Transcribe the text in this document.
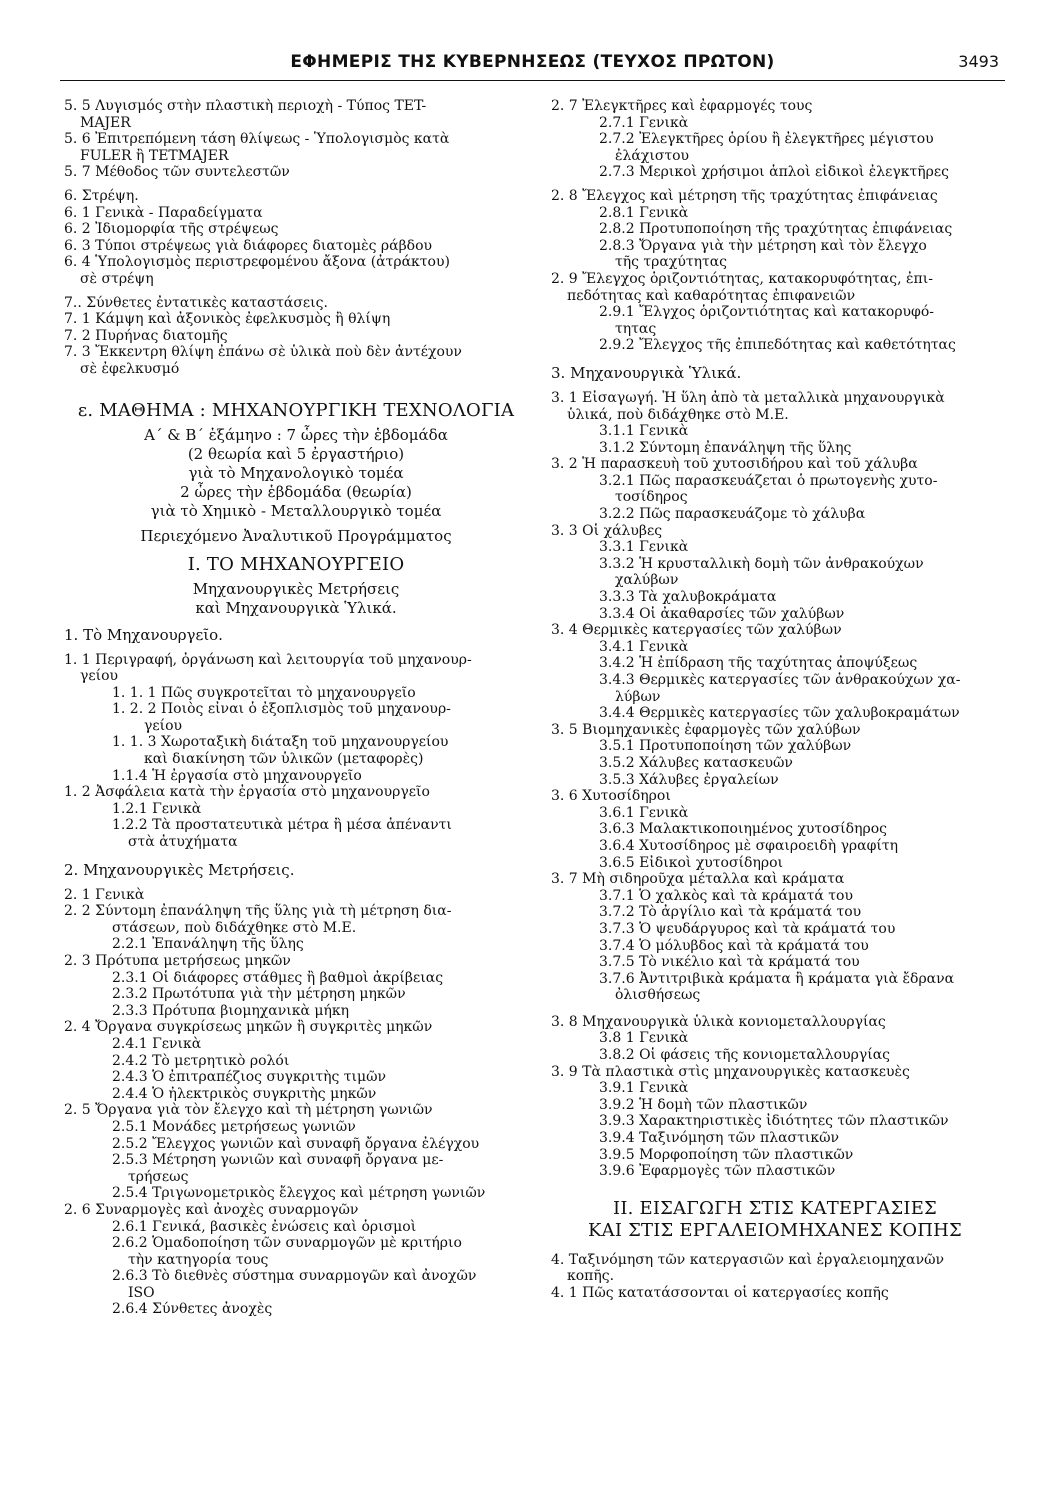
ΕΦΗΜΕΡΙΣ ΤΗΣ ΚΥΒΕΡΝΗΣΕΩΣ (ΤΕΥΧΟΣ ΠΡΩΤΟΝ)	3493
5. 5 Λυγισμός στὴν πλαστικὴ περιοχὴ - Τύπος TET-
MAJER
5. 6 Ἐπιτρεπόμενη τάση θλίψεως - Ὑπολογισμὸς κατὰ
FULER ἢ TETMAJER
5. 7 Μέθοδος τῶν συντελεστῶν
6. Στρέψη.
6. 1 Γενικὰ - Παραδείγματα
6. 2 Ἰδιομορφία τῆς στρέψεως
6. 3 Τύποι στρέψεως γιὰ διάφορες διατομὲς ράβδου
6. 4 Ὑπολογισμὸς περιστρεφομένου ἄξονα (ἀτράκτου)
σὲ στρέψη
7.. Σύνθετες ἐντατικὲς καταστάσεις.
7. 1 Κάμψη καὶ ἀξονικὸς ἐφελκυσμὸς ἢ θλίψη
7. 2 Πυρήνας διατομῆς
7. 3 Ἔκκεντρη θλίψη ἐπάνω σὲ ὑλικὰ ποὺ δὲν ἀντέχουν
σὲ ἐφελκυσμό
ε. ΜΑΘΗΜΑ : ΜΗΧΑΝΟΥΡΓΙΚΗ ΤΕΧΝΟΛΟΓΙΑ
Α΄ & Β΄ ἑξάμηνο : 7 ὧρες τὴν ἑβδομάδα
(2 θεωρία καὶ 5 ἐργαστήριο)
γιὰ τὸ Μηχανολογικὸ τομέα
2 ὧρες τὴν ἑβδομάδα (θεωρία)
γιὰ τὸ Χημικὸ - Μεταλλουργικὸ τομέα
Περιεχόμενο Ἀναλυτικοῦ Προγράμματος
Ι. ΤΟ ΜΗΧΑΝΟΥΡΓΕΙΟ
Μηχανουργικὲς Μετρήσεις
καὶ Μηχανουργικὰ Ὑλικά.
1. Τὸ Μηχανουργεῖο.
1. 1 Περιγραφή, ὀργάνωση καὶ λειτουργία τοῦ μηχανουρ-
γείου
1. 1. 1 Πῶς συγκροτεῖται τὸ μηχανουργεῖο
1. 2. 2 Ποιὸς εἶναι ὁ ἐξοπλισμὸς τοῦ μηχανουρ-
γείου
1. 1. 3 Χωροταξικὴ διάταξη τοῦ μηχανουργείου
καὶ διακίνηση τῶν ὑλικῶν (μεταφορὲς)
1.1.4 Ἡ ἐργασία στὸ μηχανουργεῖο
1. 2 Ἀσφάλεια κατὰ τὴν ἐργασία στὸ μηχανουργεῖο
1.2.1 Γενικὰ
1.2.2 Τὰ προστατευτικὰ μέτρα ἢ μέσα ἀπέναντι
στὰ ἀτυχήματα
2. Μηχανουργικὲς Μετρήσεις.
2. 1 Γενικὰ
2. 2 Σύντομη ἐπανάληψη τῆς ὕλης γιὰ τὴ μέτρηση δια-
στάσεων, ποὺ διδάχθηκε στὸ Μ.Ε.
2.2.1 Ἐπανάληψη τῆς ὕλης
2. 3 Πρότυπα μετρήσεως μηκῶν
2.3.1 Οἱ διάφορες στάθμες ἢ βαθμοὶ ἀκρίβειας
2.3.2 Πρωτότυπα γιὰ τὴν μέτρηση μηκῶν
2.3.3 Πρότυπα βιομηχανικὰ μήκη
2. 4 Ὄργανα συγκρίσεως μηκῶν ἢ συγκριτὲς μηκῶν
2.4.1 Γενικὰ
2.4.2 Τὸ μετρητικὸ ρολόι
2.4.3 Ὁ ἐπιτραπέζιος συγκριτὴς τιμῶν
2.4.4 Ὁ ἠλεκτρικὸς συγκριτὴς μηκῶν
2. 5 Ὄργανα γιὰ τὸν ἔλεγχο καὶ τὴ μέτρηση γωνιῶν
2.5.1 Μονάδες μετρήσεως γωνιῶν
2.5.2 Ἔλεγχος γωνιῶν καὶ συναφῆ ὄργανα ἐλέγχου
2.5.3 Μέτρηση γωνιῶν καὶ συναφῆ ὄργανα με-
τρήσεως
2.5.4 Τριγωνομετρικὸς ἔλεγχος καὶ μέτρηση γωνιῶν
2. 6 Συναρμογὲς καὶ ἀνοχὲς συναρμογῶν
2.6.1 Γενικά, βασικὲς ἐνώσεις καὶ ὁρισμοὶ
2.6.2 Ὁμαδοποίηση τῶν συναρμογῶν μὲ κριτήριο
τὴν κατηγορία τους
2.6.3 Τὸ διεθνὲς σύστημα συναρμογῶν καὶ ἀνοχῶν
ISO
2.6.4 Σύνθετες ἀνοχὲς
2. 7 Ἐλεγκτῆρες καὶ ἐφαρμογές τους
2.7.1 Γενικὰ
2.7.2 Ἐλεγκτῆρες ὁρίου ἢ ἐλεγκτῆρες μέγιστου
ἐλάχιστου
2.7.3 Μερικοὶ χρήσιμοι ἁπλοὶ εἰδικοὶ ἐλεγκτῆρες
2. 8 Ἔλεγχος καὶ μέτρηση τῆς τραχύτητας ἐπιφάνειας
2.8.1 Γενικὰ
2.8.2 Προτυποποίηση τῆς τραχύτητας ἐπιφάνειας
2.8.3 Ὄργανα γιὰ τὴν μέτρηση καὶ τὸν ἔλεγχο
τῆς τραχύτητας
2. 9 Ἔλεγχος ὁριζοντιότητας, κατακορυφότητας, ἐπι-
πεδότητας καὶ καθαρότητας ἐπιφανειῶν
2.9.1 Ἔλγχος ὁριζοντιότητας καὶ κατακορυφό-
τητας
2.9.2 Ἔλεγχος τῆς ἐπιπεδότητας καὶ καθετότητας
3. Μηχανουργικὰ Ὑλικά.
3. 1 Εἰσαγωγή. Ἡ ὕλη ἀπὸ τὰ μεταλλικὰ μηχανουργικὰ
ὑλικά, ποὺ διδάχθηκε στὸ Μ.Ε.
3.1.1 Γενικὰ
3.1.2 Σύντομη ἐπανάληψη τῆς ὕλης
3. 2 Ἡ παρασκευὴ τοῦ χυτοσιδήρου καὶ τοῦ χάλυβα
3.2.1 Πῶς παρασκευάζεται ὁ πρωτογενὴς χυτο-
τοσίδηρος
3.2.2 Πῶς παρασκευάζομε τὸ χάλυβα
3. 3 Οἱ χάλυβες
3.3.1 Γενικὰ
3.3.2 Ἡ κρυσταλλικὴ δομὴ τῶν ἀνθρακούχων
χαλύβων
3.3.3 Τὰ χαλυβοκράματα
3.3.4 Οἱ ἀκαθαρσίες τῶν χαλύβων
3. 4 Θερμικὲς κατεργασίες τῶν χαλύβων
3.4.1 Γενικὰ
3.4.2 Ἡ ἐπίδραση τῆς ταχύτητας ἀποψύξεως
3.4.3 Θερμικὲς κατεργασίες τῶν ἀνθρακούχων χα-
λύβων
3.4.4 Θερμικὲς κατεργασίες τῶν χαλυβοκραμάτων
3. 5 Βιομηχανικὲς ἐφαρμογὲς τῶν χαλύβων
3.5.1 Προτυποποίηση τῶν χαλύβων
3.5.2 Χάλυβες κατασκευῶν
3.5.3 Χάλυβες ἐργαλείων
3. 6 Χυτοσίδηροι
3.6.1 Γενικὰ
3.6.3 Μαλακτικοποιημένος χυτοσίδηρος
3.6.4 Χυτοσίδηρος μὲ σφαιροειδὴ γραφίτη
3.6.5 Εἰδικοὶ χυτοσίδηροι
3. 7 Μὴ σιδηροῦχα μέταλλα καὶ κράματα
3.7.1 Ὁ χαλκὸς καὶ τὰ κράματά του
3.7.2 Τὸ ἀργίλιο καὶ τὰ κράματά του
3.7.3 Ὁ ψευδάργυρος καὶ τὰ κράματά του
3.7.4 Ὁ μόλυβδος καὶ τὰ κράματά του
3.7.5 Τὸ νικέλιο καὶ τὰ κράματά του
3.7.6 Ἀντιτριβικὰ κράματα ἢ κράματα γιὰ ἔδρανα
ὀλισθήσεως
3. 8 Μηχανουργικὰ ὑλικὰ κονιομεταλλουργίας
3.8 1 Γενικὰ
3.8.2 Οἱ φάσεις τῆς κονιομεταλλουργίας
3. 9 Τὰ πλαστικὰ στὶς μηχανουργικὲς κατασκευὲς
3.9.1 Γενικὰ
3.9.2 Ἡ δομὴ τῶν πλαστικῶν
3.9.3 Χαρακτηριστικὲς ἰδιότητες τῶν πλαστικῶν
3.9.4 Ταξινόμηση τῶν πλαστικῶν
3.9.5 Μορφοποίηση τῶν πλαστικῶν
3.9.6 Ἐφαρμογὲς τῶν πλαστικῶν
ΙΙ. ΕΙΣΑΓΩΓΗ ΣΤΙΣ ΚΑΤΕΡΓΑΣΙΕΣ
ΚΑΙ ΣΤΙΣ ΕΡΓΑΛΕΙΟΜΗΧΑΝΕΣ ΚΟΠΗΣ
4. Ταξινόμηση τῶν κατεργασιῶν καὶ ἐργαλειομηχανῶν
κοπῆς.
4. 1 Πῶς κατατάσσονται οἱ κατεργασίες κοπῆς
